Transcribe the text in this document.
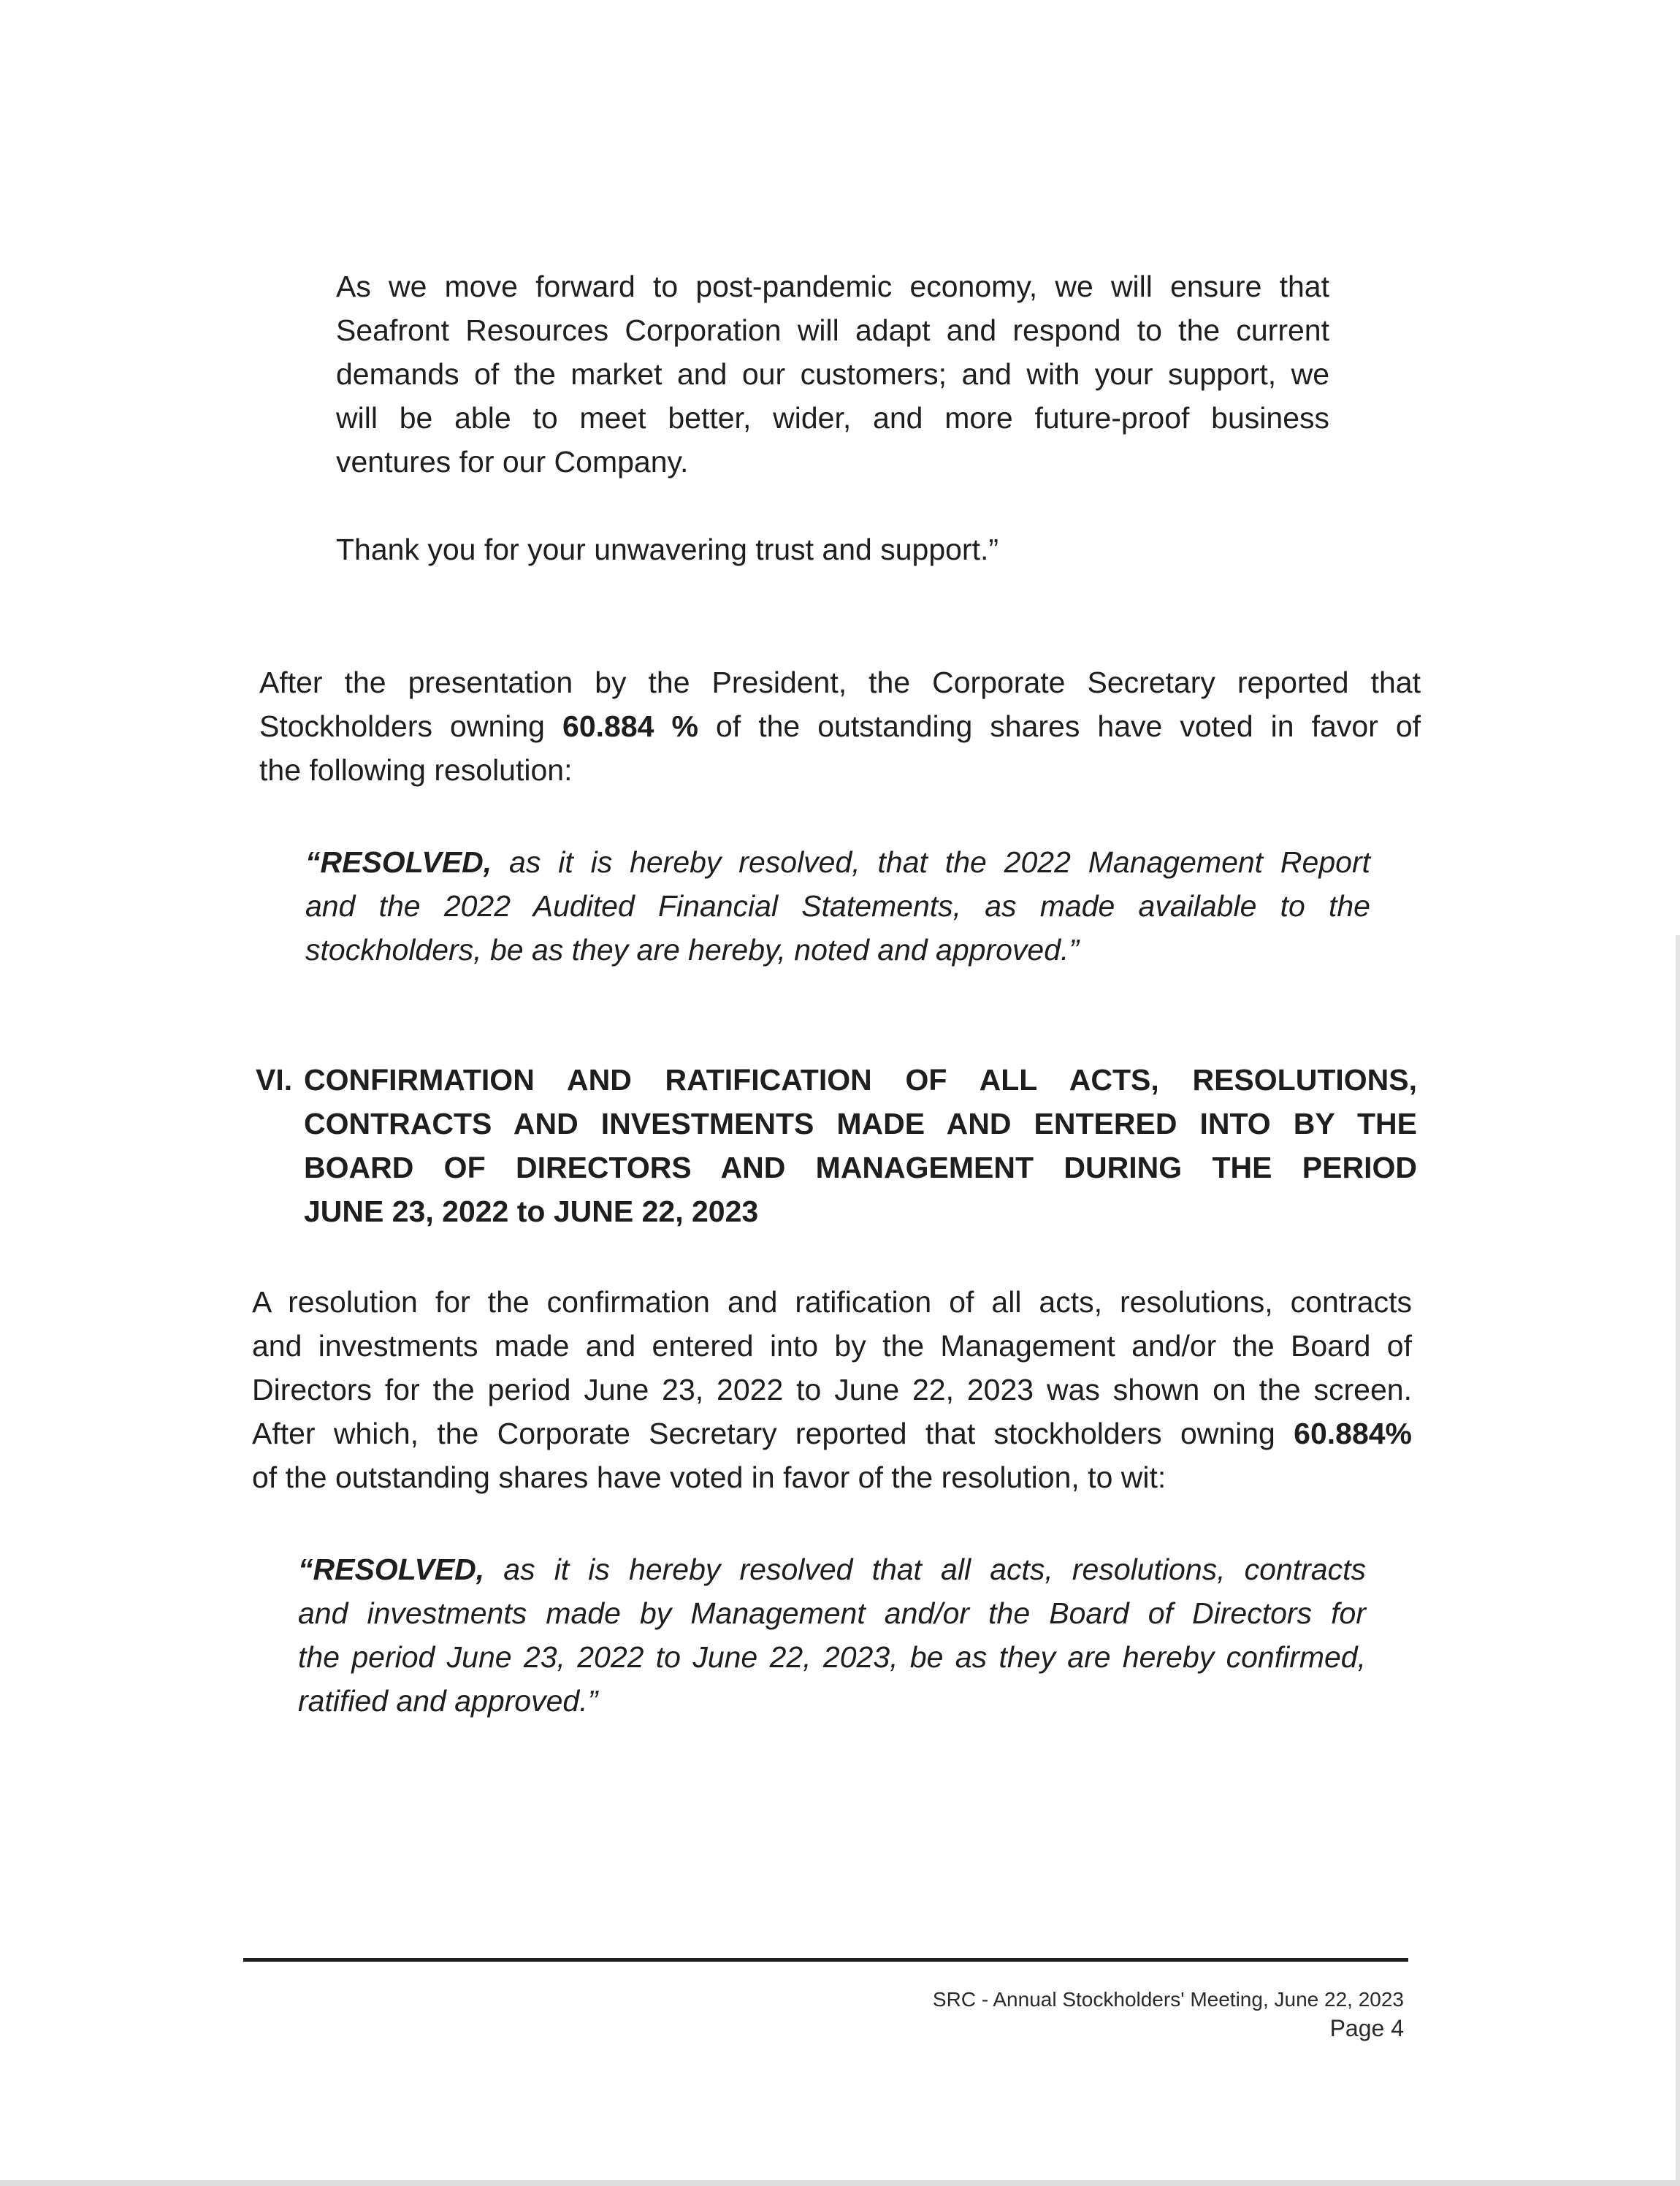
As we move forward to post-pandemic economy, we will ensure that
Seafront Resources Corporation will adapt and respond to the current
demands of the market and our customers; and with your support, we
will be able to meet better, wider, and more future-proof business
ventures for our Company.
Thank you for your unwavering trust and support.”
After the presentation by the President, the Corporate Secretary reported that
Stockholders owning 60.884 % of the outstanding shares have voted in favor of
the following resolution:
“RESOLVED, as it is hereby resolved, that the 2022 Management Report
and the 2022 Audited Financial Statements, as made available to the
stockholders, be as they are hereby, noted and approved.”
VI. CONFIRMATION AND RATIFICATION OF ALL ACTS, RESOLUTIONS,
CONTRACTS AND INVESTMENTS MADE AND ENTERED INTO BY THE
BOARD OF DIRECTORS AND MANAGEMENT DURING THE PERIOD
JUNE 23, 2022 to JUNE 22, 2023
A resolution for the confirmation and ratification of all acts, resolutions, contracts
and investments made and entered into by the Management and/or the Board of
Directors for the period June 23, 2022 to June 22, 2023 was shown on the screen.
After which, the Corporate Secretary reported that stockholders owning 60.884%
of the outstanding shares have voted in favor of the resolution, to wit:
“RESOLVED, as it is hereby resolved that all acts, resolutions, contracts
and investments made by Management and/or the Board of Directors for
the period June 23, 2022 to June 22, 2023, be as they are hereby confirmed,
ratified and approved.”
SRC - Annual Stockholders' Meeting, June 22, 2023
Page 4
